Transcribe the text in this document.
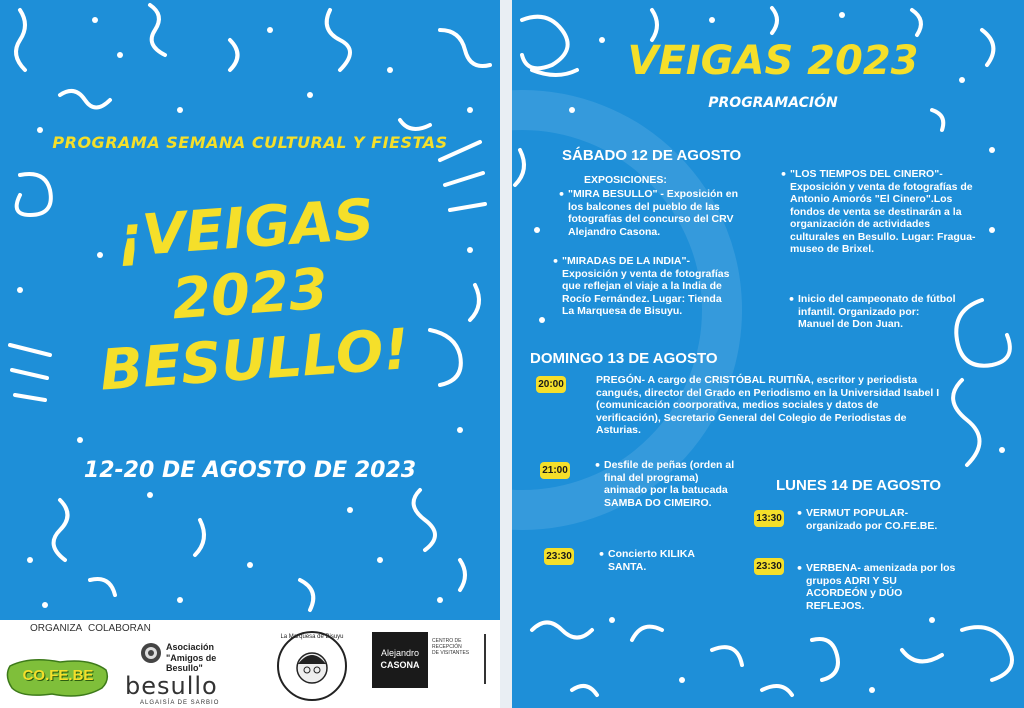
PROGRAMA SEMANA CULTURAL Y FIESTAS
¡VEIGAS
2023
BESULLO!
12-20 DE AGOSTO DE 2023
ORGANIZA COLABORAN
CO.FE.BE
Asociación
"Amigos de Besullo"
besullo
ALGAISÍA DE SARBIO
La Marquesa de Bisuyu
Alejandro
CASONA
CENTRO DE
RECEPCIÓN
DE VISITANTES
VEIGAS 2023
PROGRAMACIÓN
SÁBADO 12 DE AGOSTO
EXPOSICIONES:
• "MIRA BESULLO" - Exposición en los balcones del pueblo de las fotografías del concurso del CRV Alejandro Casona.
• "MIRADAS DE LA INDIA"- Exposición y venta de fotografías que reflejan el viaje a la India de Rocío Fernández. Lugar: Tienda La Marquesa de Bisuyu.
• "LOS TIEMPOS DEL CINERO"- Exposición y venta de fotografías de Antonio Amorós "El Cinero".Los fondos de venta se destinarán a la organización de actividades culturales en Besullo. Lugar: Fragua-museo de Brixel.
• Inicio del campeonato de fútbol infantil. Organizado por: Manuel de Don Juan.
DOMINGO 13 DE AGOSTO
20:00	PREGÓN- A cargo de CRISTÓBAL RUITIÑA, escritor y periodista cangués, director del Grado en Periodismo en la Universidad Isabel I (comunicación coorporativa, medios sociales y datos de verificación), Secretario General del Colegio de Periodistas de Asturias.
21:00 • Desfile de peñas (orden al final del programa) animado por la batucada SAMBA DO CIMEIRO.
23:30 • Concierto KILIKA SANTA.
LUNES 14 DE AGOSTO
13:30 • VERMUT POPULAR- organizado por CO.FE.BE.
23:30 • VERBENA- amenizada por los grupos ADRI Y SU ACORDEÓN y DÚO REFLEJOS.
